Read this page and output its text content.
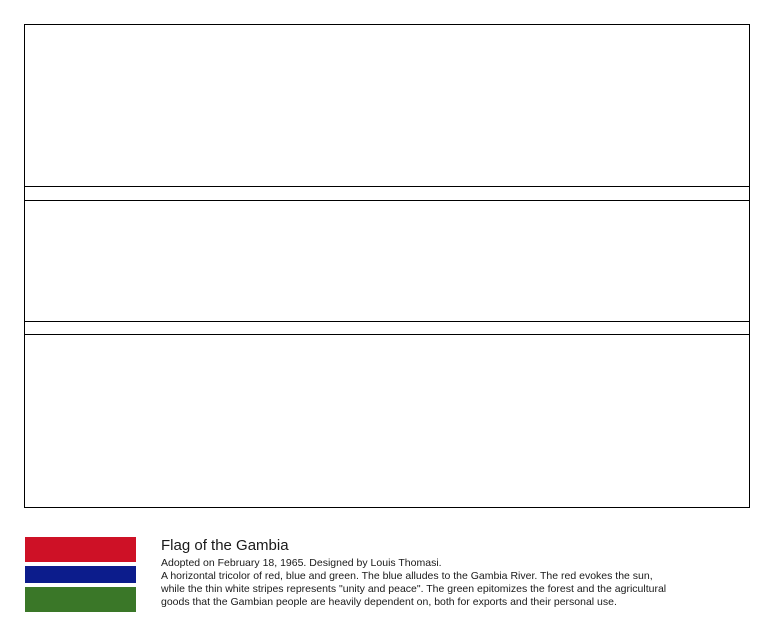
Flag of the Gambia

Adopted on February 18, 1965. Designed by Louis Thomasi.

A horizontal tricolor of red, blue and green. The blue alludes to the Gambia River. The red evokes the sun,
while the thin white stripes represents "unity and peace". The green epitomizes the forest and the agricultural
goods that the Gambian people are heavily dependent on, both for exports and their personal use.
